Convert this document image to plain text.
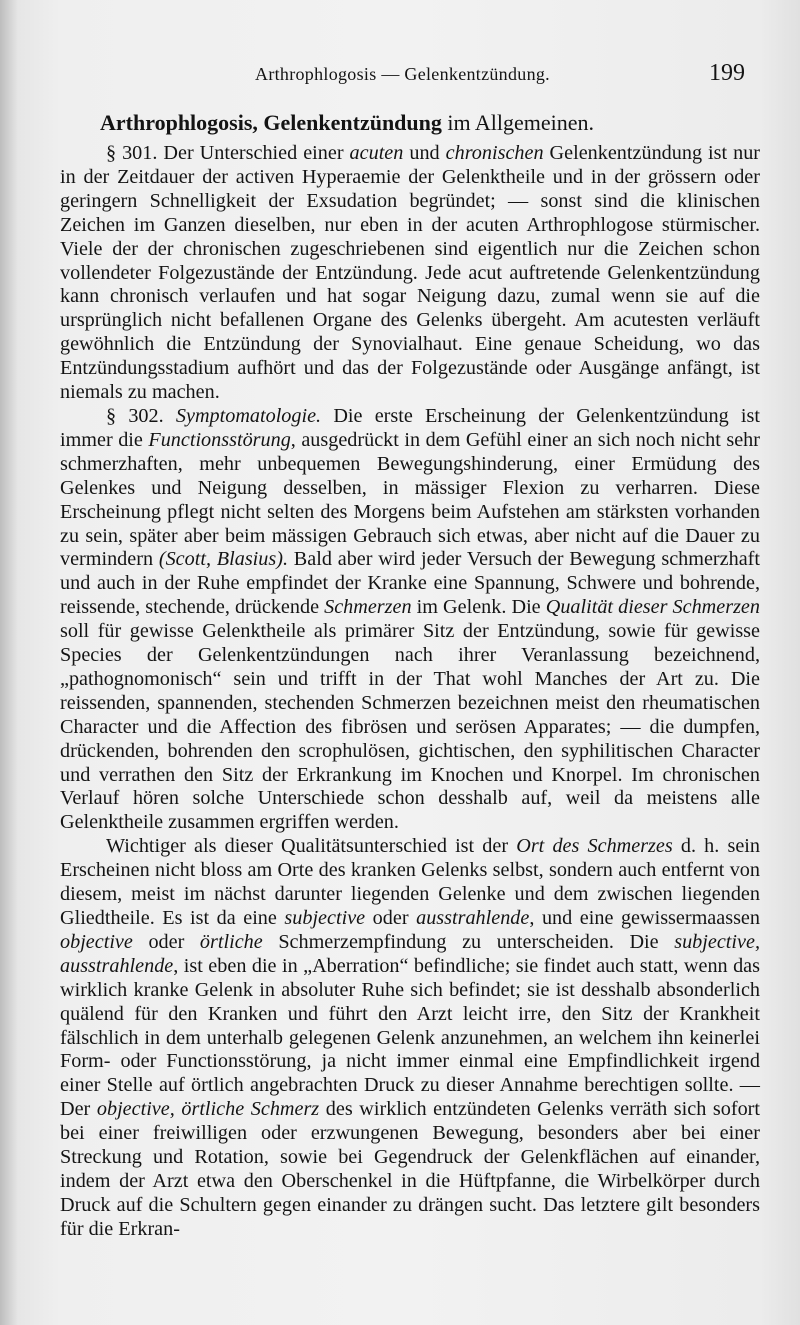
Arthrophlogosis — Gelenkentzündung.	199
Arthrophlogosis, Gelenkentzündung im Allgemeinen.

§ 301. Der Unterschied einer acuten und chronischen Gelenkentzündung ist nur in der Zeitdauer der activen Hyperaemie der Gelenktheile und in der grössern oder geringern Schnelligkeit der Exsudation begründet; — sonst sind die klinischen Zeichen im Ganzen dieselben, nur eben in der acuten Arthrophlogose stürmischer. Viele der der chronischen zugeschriebenen sind eigentlich nur die Zeichen schon vollendeter Folgezustände der Entzündung. Jede acut auftretende Gelenkentzündung kann chronisch verlaufen und hat sogar Neigung dazu, zumal wenn sie auf die ursprünglich nicht befallenen Organe des Gelenks übergeht. Am acutesten verläuft gewöhnlich die Entzündung der Synovialhaut. Eine genaue Scheidung, wo das Entzündungsstadium aufhört und das der Folgezustände oder Ausgänge anfängt, ist niemals zu machen.

§ 302. Symptomatologie. Die erste Erscheinung der Gelenkentzündung ist immer die Functionsstörung, ausgedrückt in dem Gefühl einer an sich noch nicht sehr schmerzhaften, mehr unbequemen Bewegungshinderung, einer Ermüdung des Gelenkes und Neigung desselben, in mässiger Flexion zu verharren. Diese Erscheinung pflegt nicht selten des Morgens beim Aufstehen am stärksten vorhanden zu sein, später aber beim mässigen Gebrauch sich etwas, aber nicht auf die Dauer zu vermindern (Scott, Blasius). Bald aber wird jeder Versuch der Bewegung schmerzhaft und auch in der Ruhe empfindet der Kranke eine Spannung, Schwere und bohrende, reissende, stechende, drückende Schmerzen im Gelenk. Die Qualität dieser Schmerzen soll für gewisse Gelenktheile als primärer Sitz der Entzündung, sowie für gewisse Species der Gelenkentzündungen nach ihrer Veranlassung bezeichnend, „pathognomonisch“ sein und trifft in der That wohl Manches der Art zu. Die reissenden, spannenden, stechenden Schmerzen bezeichnen meist den rheumatischen Character und die Affection des fibrösen und serösen Apparates; — die dumpfen, drückenden, bohrenden den scrophulösen, gichtischen, den syphilitischen Character und verrathen den Sitz der Erkrankung im Knochen und Knorpel. Im chronischen Verlauf hören solche Unterschiede schon desshalb auf, weil da meistens alle Gelenktheile zusammen ergriffen werden.

Wichtiger als dieser Qualitätsunterschied ist der Ort des Schmerzes d. h. sein Erscheinen nicht bloss am Orte des kranken Gelenks selbst, sondern auch entfernt von diesem, meist im nächst darunter liegenden Gelenke und dem zwischen liegenden Gliedtheile. Es ist da eine subjective oder ausstrahlende, und eine gewissermaassen objective oder örtliche Schmerzempfindung zu unterscheiden. Die subjective, ausstrahlende, ist eben die in „Aberration“ befindliche; sie findet auch statt, wenn das wirklich kranke Gelenk in absoluter Ruhe sich befindet; sie ist desshalb absonderlich quälend für den Kranken und führt den Arzt leicht irre, den Sitz der Krankheit fälschlich in dem unterhalb gelegenen Gelenk anzunehmen, an welchem ihn keinerlei Form- oder Functionsstörung, ja nicht immer einmal eine Empfindlichkeit irgend einer Stelle auf örtlich angebrachten Druck zu dieser Annahme berechtigen sollte. — Der objective, örtliche Schmerz des wirklich entzündeten Gelenks verräth sich sofort bei einer freiwilligen oder erzwungenen Bewegung, besonders aber bei einer Streckung und Rotation, sowie bei Gegendruck der Gelenkflächen auf einander, indem der Arzt etwa den Oberschenkel in die Hüftpfanne, die Wirbelkörper durch Druck auf die Schultern gegen einander zu drängen sucht. Das letztere gilt besonders für die Erkran-
